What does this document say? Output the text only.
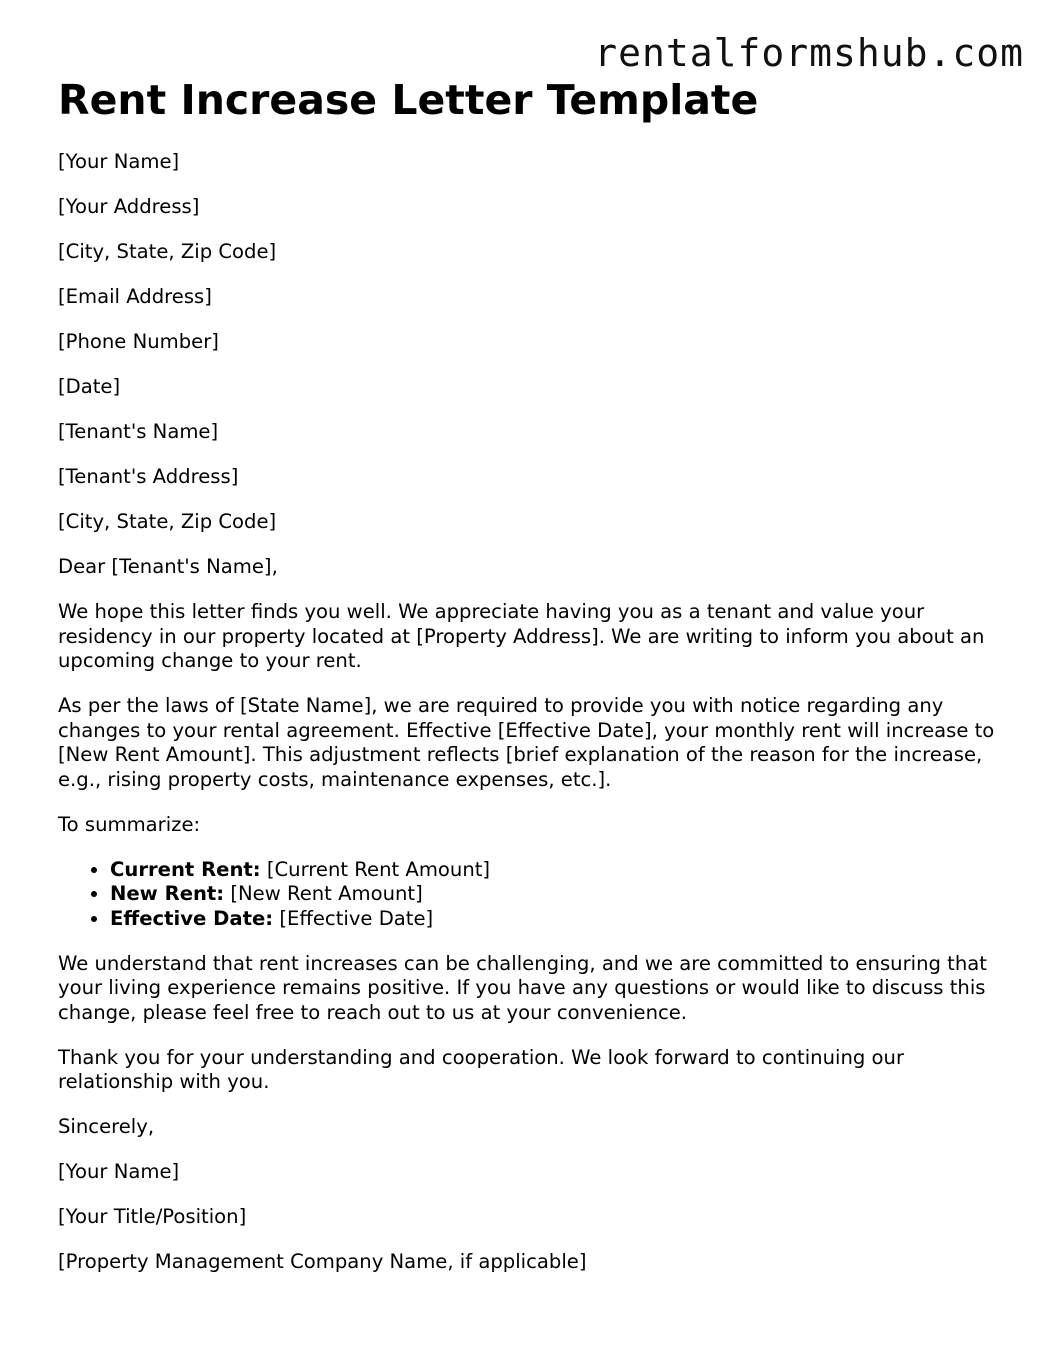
rentalformshub.com
Rent Increase Letter Template

[Your Name]

[Your Address]

[City, State, Zip Code]

[Email Address]

[Phone Number]

[Date]

[Tenant's Name]

[Tenant's Address]

[City, State, Zip Code]

Dear [Tenant's Name],

We hope this letter finds you well. We appreciate having you as a tenant and value your residency in our property located at [Property Address]. We are writing to inform you about an upcoming change to your rent.

As per the laws of [State Name], we are required to provide you with notice regarding any changes to your rental agreement. Effective [Effective Date], your monthly rent will increase to [New Rent Amount]. This adjustment reflects [brief explanation of the reason for the increase, e.g., rising property costs, maintenance expenses, etc.].

To summarize:

• Current Rent: [Current Rent Amount]
• New Rent: [New Rent Amount]
• Effective Date: [Effective Date]

We understand that rent increases can be challenging, and we are committed to ensuring that your living experience remains positive. If you have any questions or would like to discuss this change, please feel free to reach out to us at your convenience.

Thank you for your understanding and cooperation. We look forward to continuing our relationship with you.

Sincerely,

[Your Name]

[Your Title/Position]

[Property Management Company Name, if applicable]
